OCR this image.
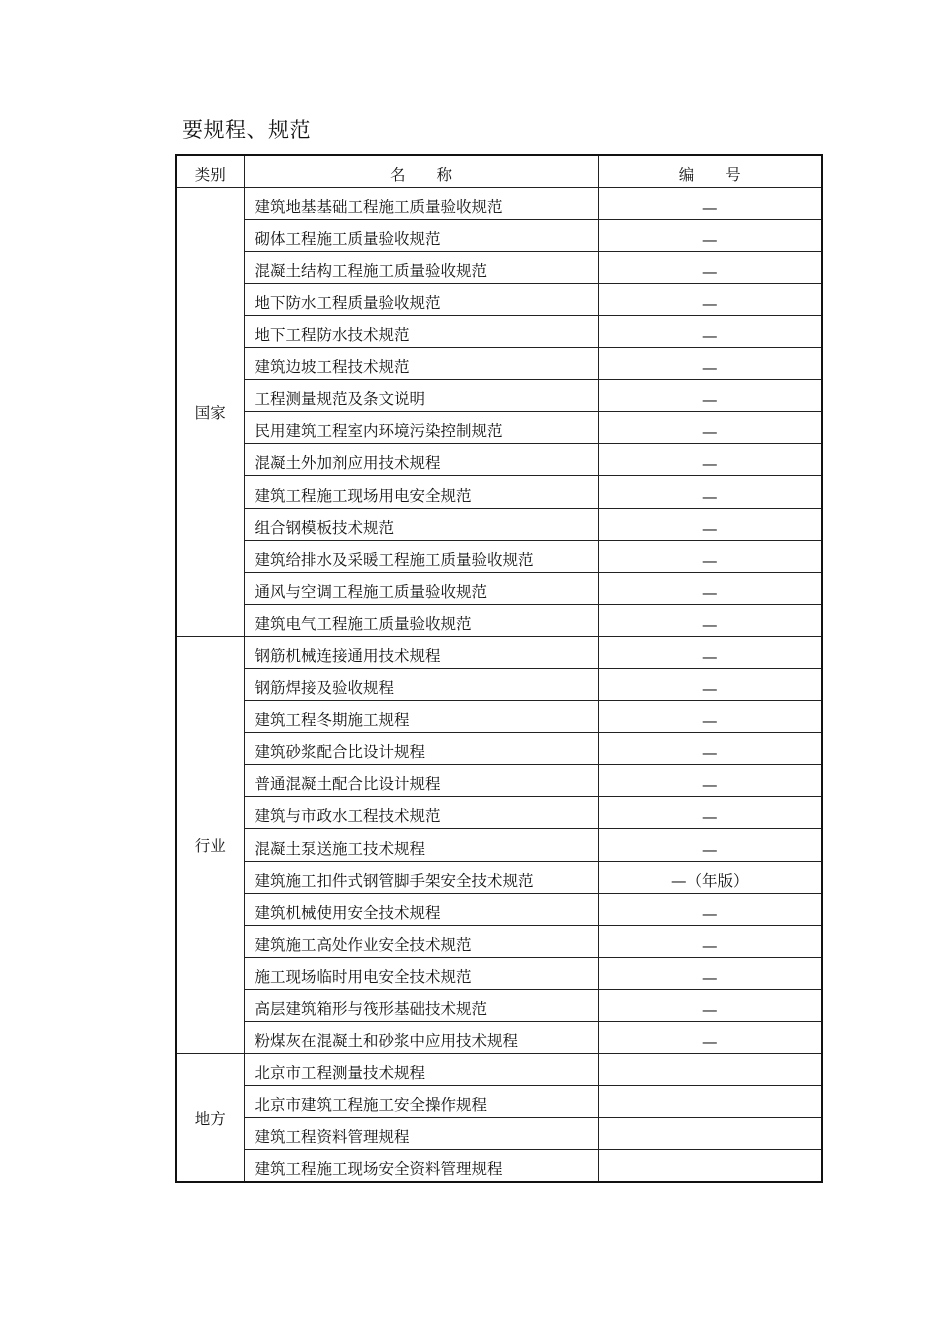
要规程、规范
类别	名　　称	编　　号
国家	建筑地基基础工程施工质量验收规范	—
	砌体工程施工质量验收规范	—
	混凝土结构工程施工质量验收规范	—
	地下防水工程质量验收规范	—
	地下工程防水技术规范	—
	建筑边坡工程技术规范	—
	工程测量规范及条文说明	—
	民用建筑工程室内环境污染控制规范	—
	混凝土外加剂应用技术规程	—
	建筑工程施工现场用电安全规范	—
	组合钢模板技术规范	—
	建筑给排水及采暖工程施工质量验收规范	—
	通风与空调工程施工质量验收规范	—
	建筑电气工程施工质量验收规范	—
行业	钢筋机械连接通用技术规程	—
	钢筋焊接及验收规程	—
	建筑工程冬期施工规程	—
	建筑砂浆配合比设计规程	—
	普通混凝土配合比设计规程	—
	建筑与市政水工程技术规范	—
	混凝土泵送施工技术规程	—
	建筑施工扣件式钢管脚手架安全技术规范	—（年版）
	建筑机械使用安全技术规程	—
	建筑施工高处作业安全技术规范	—
	施工现场临时用电安全技术规范	—
	高层建筑箱形与筏形基础技术规范	—
	粉煤灰在混凝土和砂浆中应用技术规程	—
地方	北京市工程测量技术规程	
	北京市建筑工程施工安全操作规程	
	建筑工程资料管理规程	
	建筑工程施工现场安全资料管理规程	
